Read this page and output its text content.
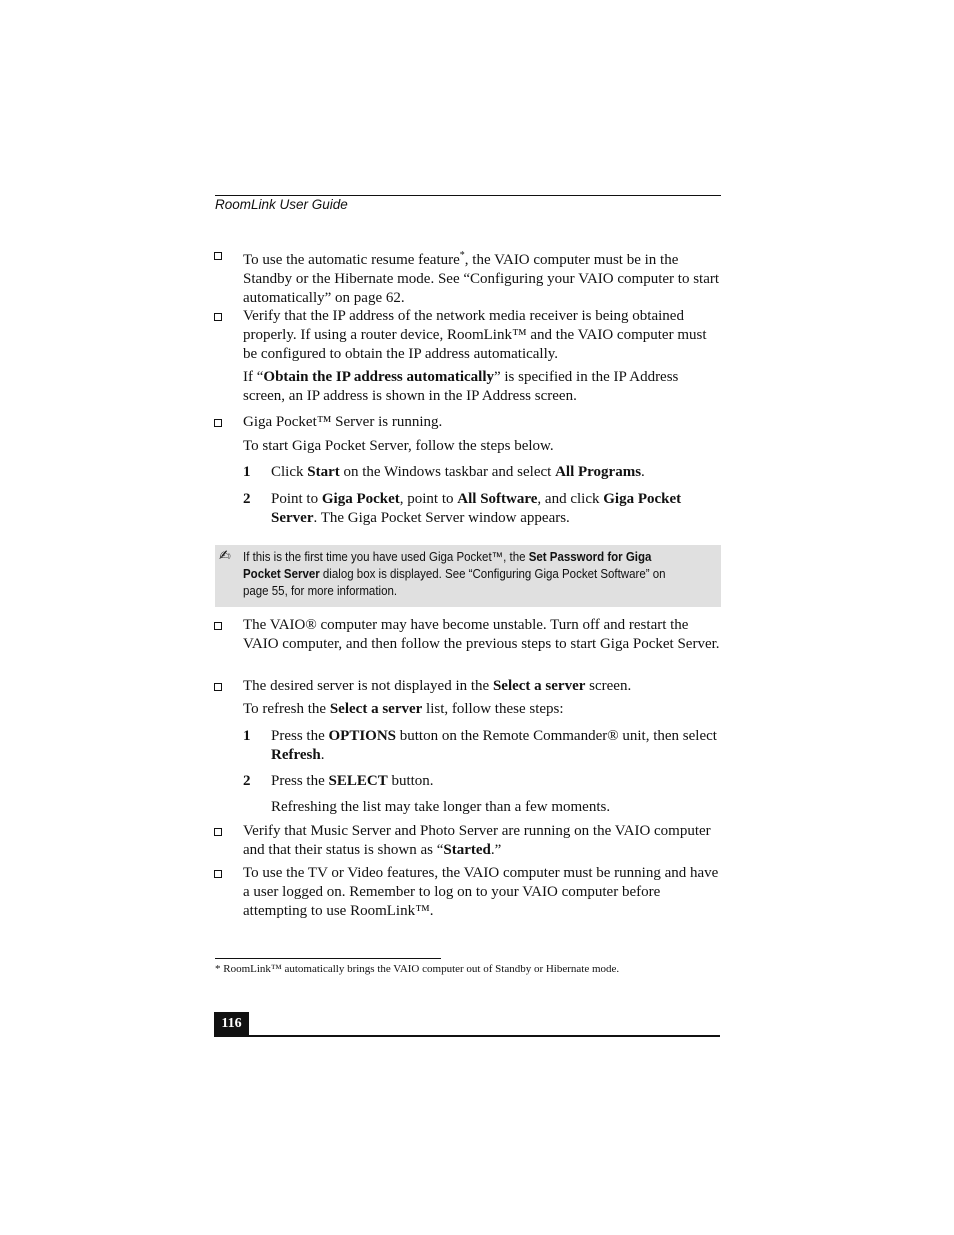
RoomLink User Guide
To use the automatic resume feature*, the VAIO computer must be in the Standby or the Hibernate mode. See “Configuring your VAIO computer to start automatically” on page 62.
Verify that the IP address of the network media receiver is being obtained properly. If using a router device, RoomLink™ and the VAIO computer must be configured to obtain the IP address automatically.
If “Obtain the IP address automatically” is specified in the IP Address screen, an IP address is shown in the IP Address screen.
Giga Pocket™ Server is running.
To start Giga Pocket Server, follow the steps below.
1 Click Start on the Windows taskbar and select All Programs.
2 Point to Giga Pocket, point to All Software, and click Giga Pocket Server. The Giga Pocket Server window appears.
✍ If this is the first time you have used Giga Pocket™, the Set Password for Giga Pocket Server dialog box is displayed. See “Configuring Giga Pocket Software” on page 55, for more information.
The VAIO® computer may have become unstable. Turn off and restart the VAIO computer, and then follow the previous steps to start Giga Pocket Server.
The desired server is not displayed in the Select a server screen.
To refresh the Select a server list, follow these steps:
1 Press the OPTIONS button on the Remote Commander® unit, then select Refresh.
2 Press the SELECT button.
Refreshing the list may take longer than a few moments.
Verify that Music Server and Photo Server are running on the VAIO computer and that their status is shown as “Started.”
To use the TV or Video features, the VAIO computer must be running and have a user logged on. Remember to log on to your VAIO computer before attempting to use RoomLink™.
* RoomLink™ automatically brings the VAIO computer out of Standby or Hibernate mode.
116
